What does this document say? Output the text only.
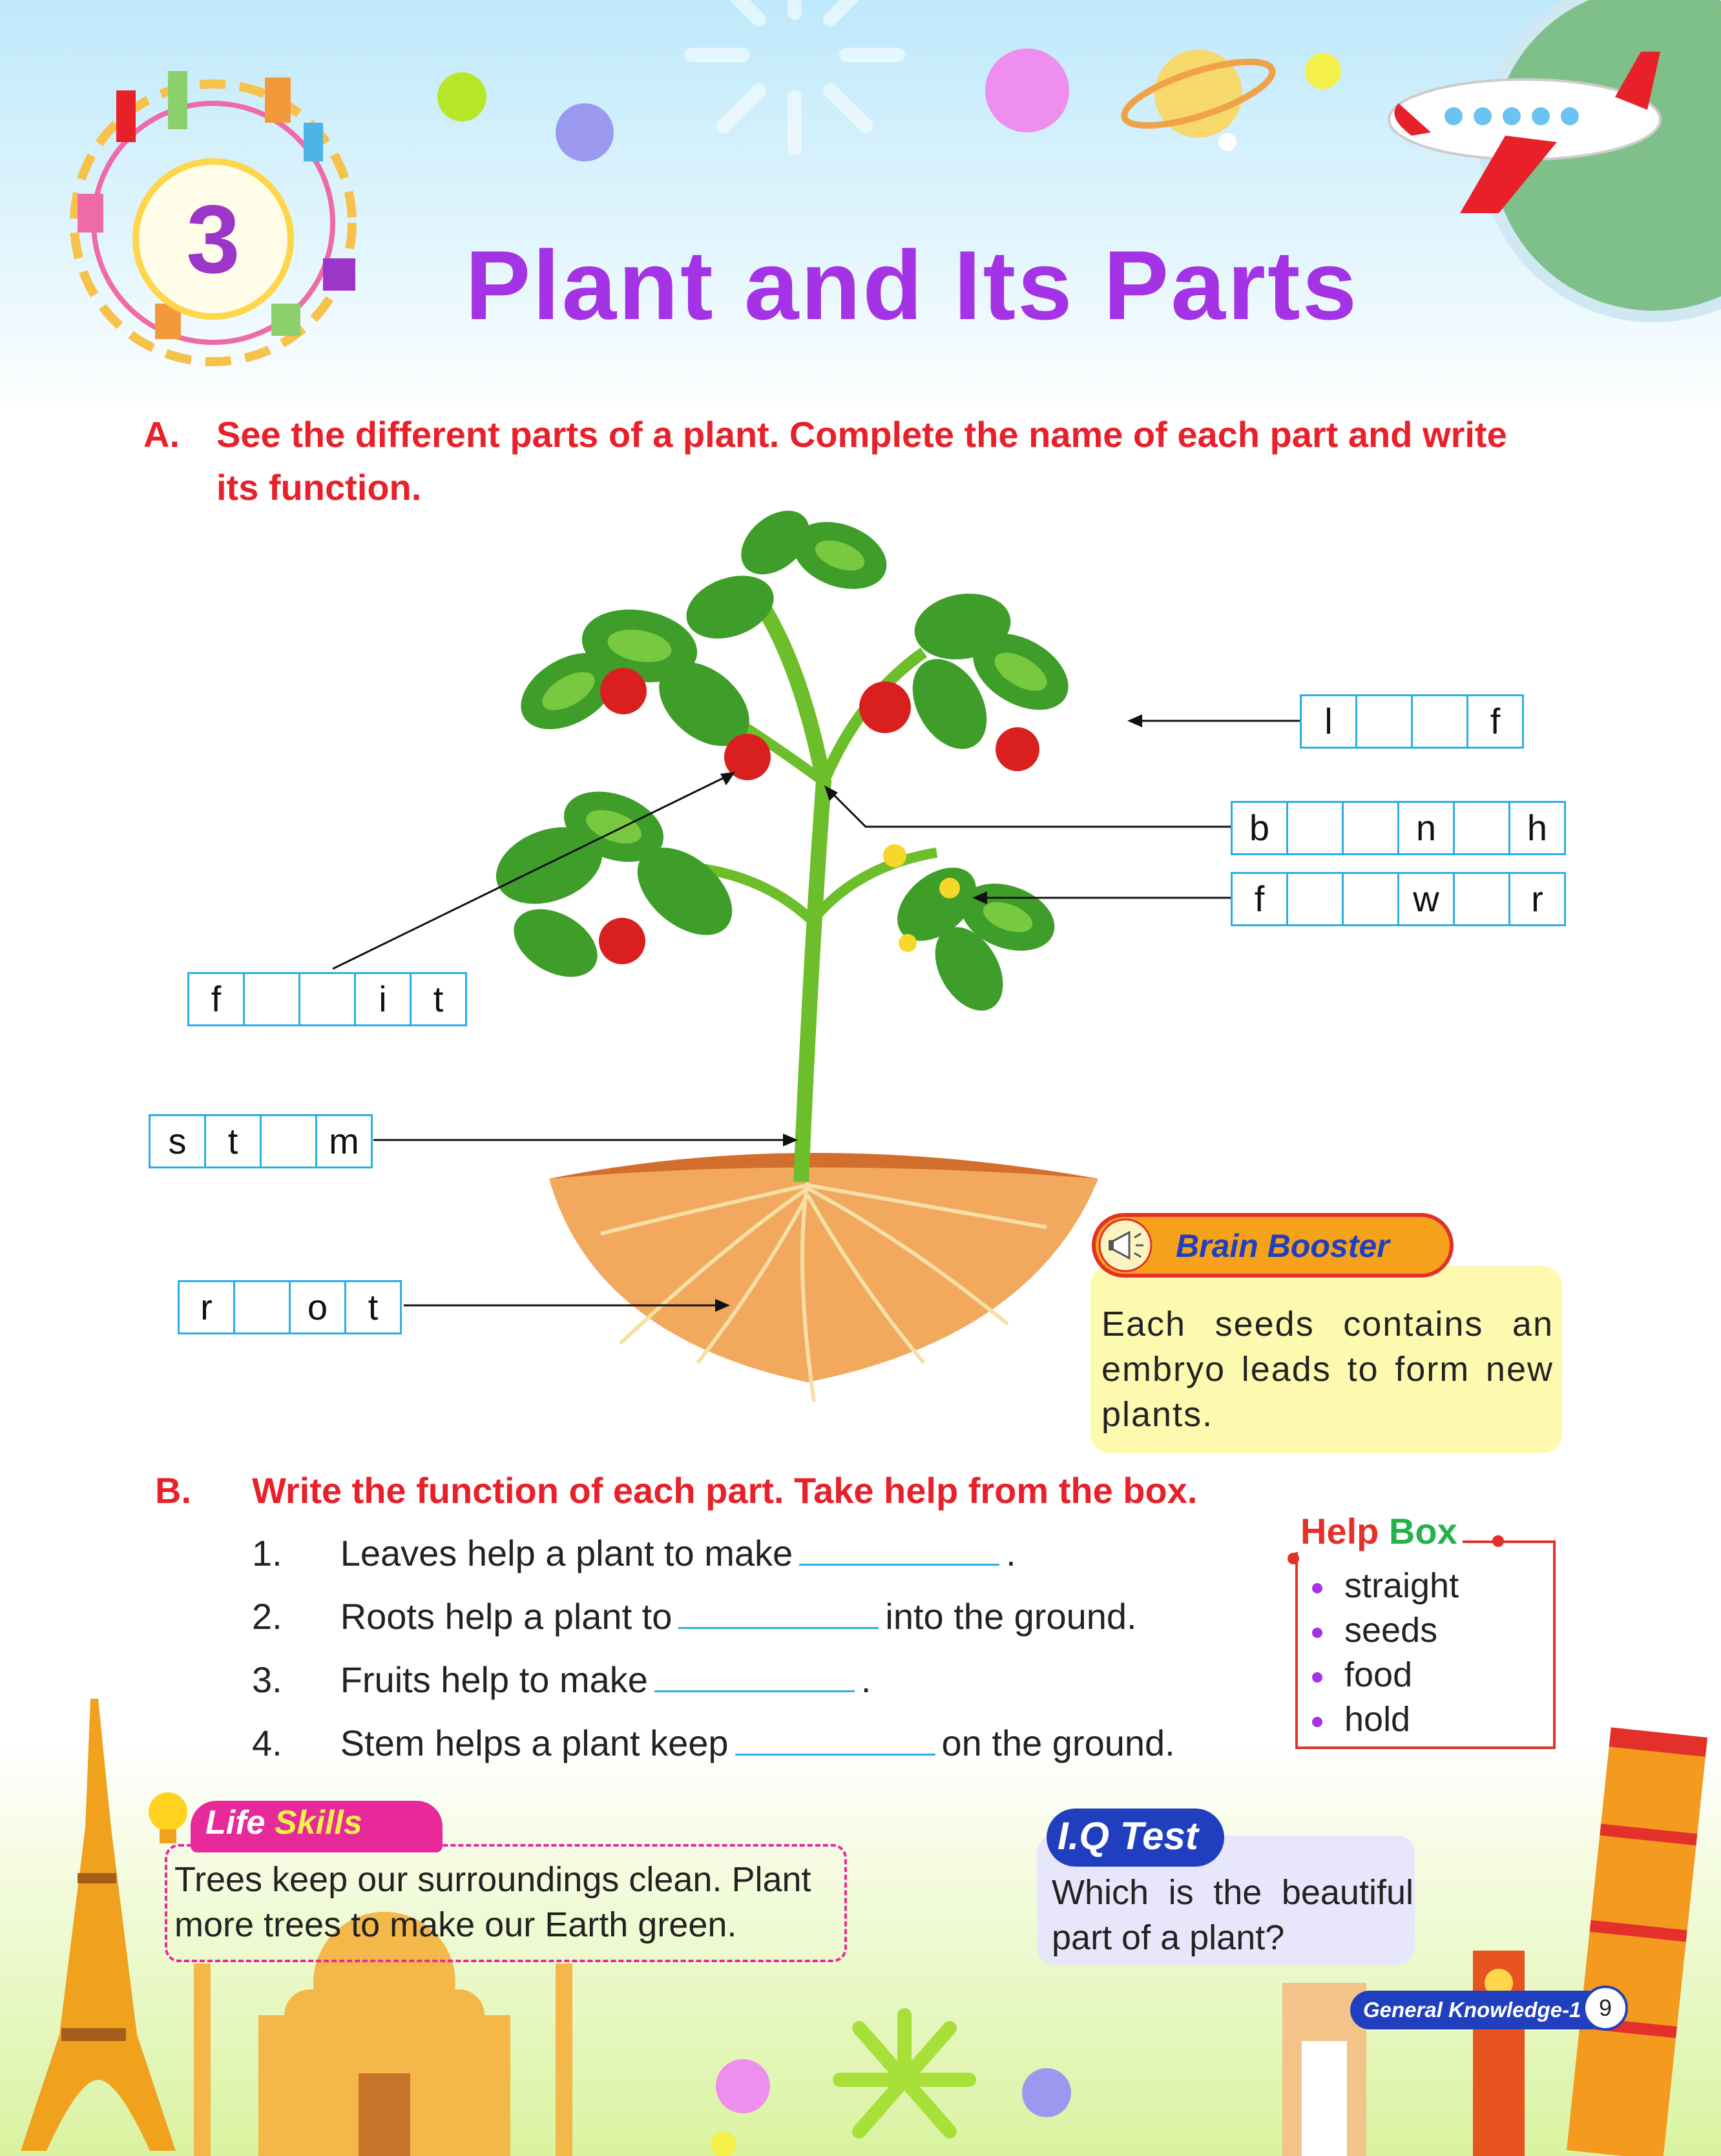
3	Plant and Its Parts
A. See the different parts of a plant. Complete the name of each part and write
its function.
l	f
b	n	h
f	w	r
f	i	t
s	t	m
r	o	t
Brain Booster
Each seeds contains an embryo leads to form new plants.
B. Write the function of each part. Take help from the box.
1. Leaves help a plant to make	.
2. Roots help a plant to	into the ground.
3. Fruits help to make	.
4. Stem helps a plant keep	on the ground.
straight
seeds
food
hold
Help Box
Life Skills
Trees keep our surroundings clean. Plant more trees to make our Earth green.
I.Q Test
Which is the beautiful part of a plant?
General Knowledge-1 9
